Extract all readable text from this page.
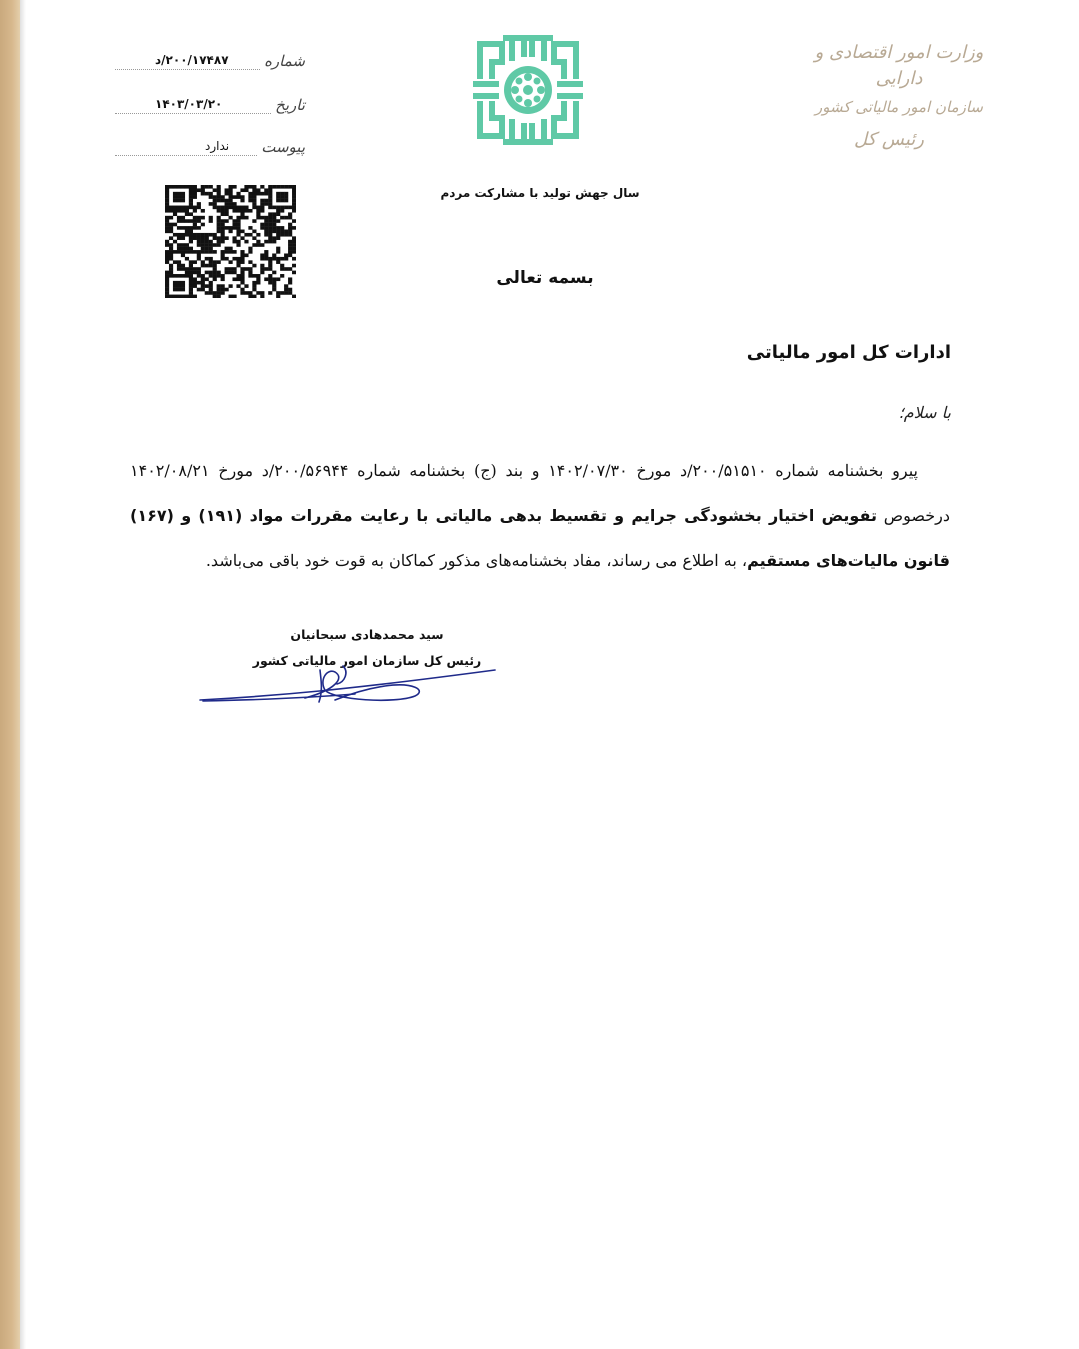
وزارت امور اقتصادی و دارایی
سازمان امور مالیاتی کشور
رئیس کل
سال جهش تولید با مشارکت مردم
بسمه تعالی
شماره
۲۰۰/۱۷۴۸۷/د
تاریخ
۱۴۰۳/۰۳/۲۰
پیوست
ندارد
ادارات کل امور مالیاتی
با سلام؛
  پیرو بخشنامه شماره ۲۰۰/۵۱۵۱۰/د مورخ ۱۴۰۲/۰۷/۳۰ و بند (ج) بخشنامه شماره ۲۰۰/۵۶۹۴۴/د مورخ ۱۴۰۲/۰۸/۲۱ درخصوص تفویض اختیار بخشودگی جرایم و تقسیط بدهی مالیاتی با رعایت مقررات مواد (۱۹۱) و (۱۶۷) قانون مالیات‌های مستقیم، به اطلاع می رساند، مفاد بخشنامه‌های مذکور کماکان به قوت خود باقی می‌باشد.
سید محمدهادی سبحانیان
رئیس کل سازمان امور مالیاتی کشور
